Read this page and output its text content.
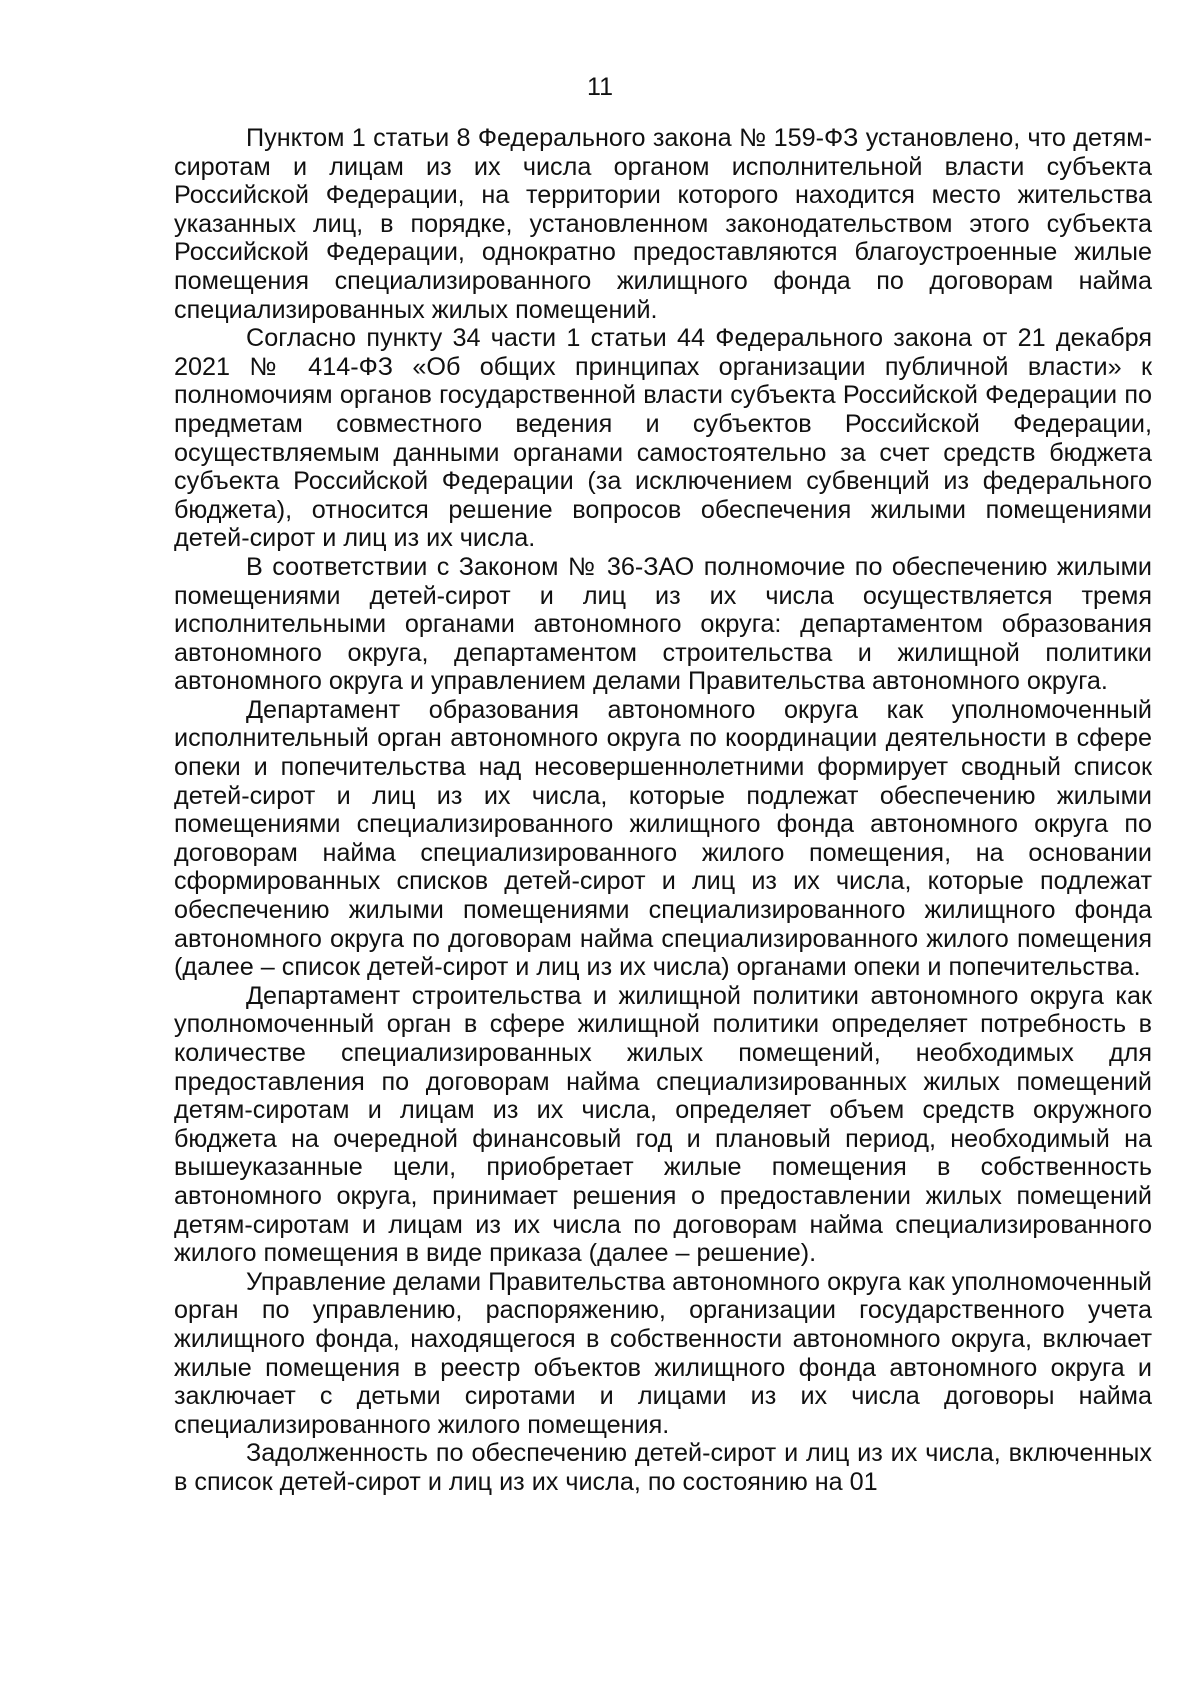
11

Пунктом 1 статьи 8 Федерального закона № 159-ФЗ установлено, что детям-сиротам и лицам из их числа органом исполнительной власти субъекта Российской Федерации, на территории которого находится место жительства указанных лиц, в порядке, установленном законодательством этого субъекта Российской Федерации, однократно предоставляются благоустроенные жилые помещения специализированного жилищного фонда по договорам найма специализированных жилых помещений.

Согласно пункту 34 части 1 статьи 44 Федерального закона от 21 декабря 2021 № 414-ФЗ «Об общих принципах организации публичной власти» к полномочиям органов государственной власти субъекта Российской Федерации по предметам совместного ведения и субъектов Российской Федерации, осуществляемым данными органами самостоятельно за счет средств бюджета субъекта Российской Федерации (за исключением субвенций из федерального бюджета), относится решение вопросов обеспечения жилыми помещениями детей-сирот и лиц из их числа.

В соответствии с Законом № 36-ЗАО полномочие по обеспечению жилыми помещениями детей-сирот и лиц из их числа осуществляется тремя исполнительными органами автономного округа: департаментом образования автономного округа, департаментом строительства и жилищной политики автономного округа и управлением делами Правительства автономного округа.

Департамент образования автономного округа как уполномоченный исполнительный орган автономного округа по координации деятельности в сфере опеки и попечительства над несовершеннолетними формирует сводный список детей-сирот и лиц из их числа, которые подлежат обеспечению жилыми помещениями специализированного жилищного фонда автономного округа по договорам найма специализированного жилого помещения, на основании сформированных списков детей-сирот и лиц из их числа, которые подлежат обеспечению жилыми помещениями специализированного жилищного фонда автономного округа по договорам найма специализированного жилого помещения (далее – список детей-сирот и лиц из их числа) органами опеки и попечительства.

Департамент строительства и жилищной политики автономного округа как уполномоченный орган в сфере жилищной политики определяет потребность в количестве специализированных жилых помещений, необходимых для предоставления по договорам найма специализированных жилых помещений детям-сиротам и лицам из их числа, определяет объем средств окружного бюджета на очередной финансовый год и плановый период, необходимый на вышеуказанные цели, приобретает жилые помещения в собственность автономного округа, принимает решения о предоставлении жилых помещений детям-сиротам и лицам из их числа по договорам найма специализированного жилого помещения в виде приказа (далее – решение).

Управление делами Правительства автономного округа как уполномоченный орган по управлению, распоряжению, организации государственного учета жилищного фонда, находящегося в собственности автономного округа, включает жилые помещения в реестр объектов жилищного фонда автономного округа и заключает с детьми сиротами и лицами из их числа договоры найма специализированного жилого помещения.

Задолженность по обеспечению детей-сирот и лиц из их числа, включенных в список детей-сирот и лиц из их числа, по состоянию на 01
